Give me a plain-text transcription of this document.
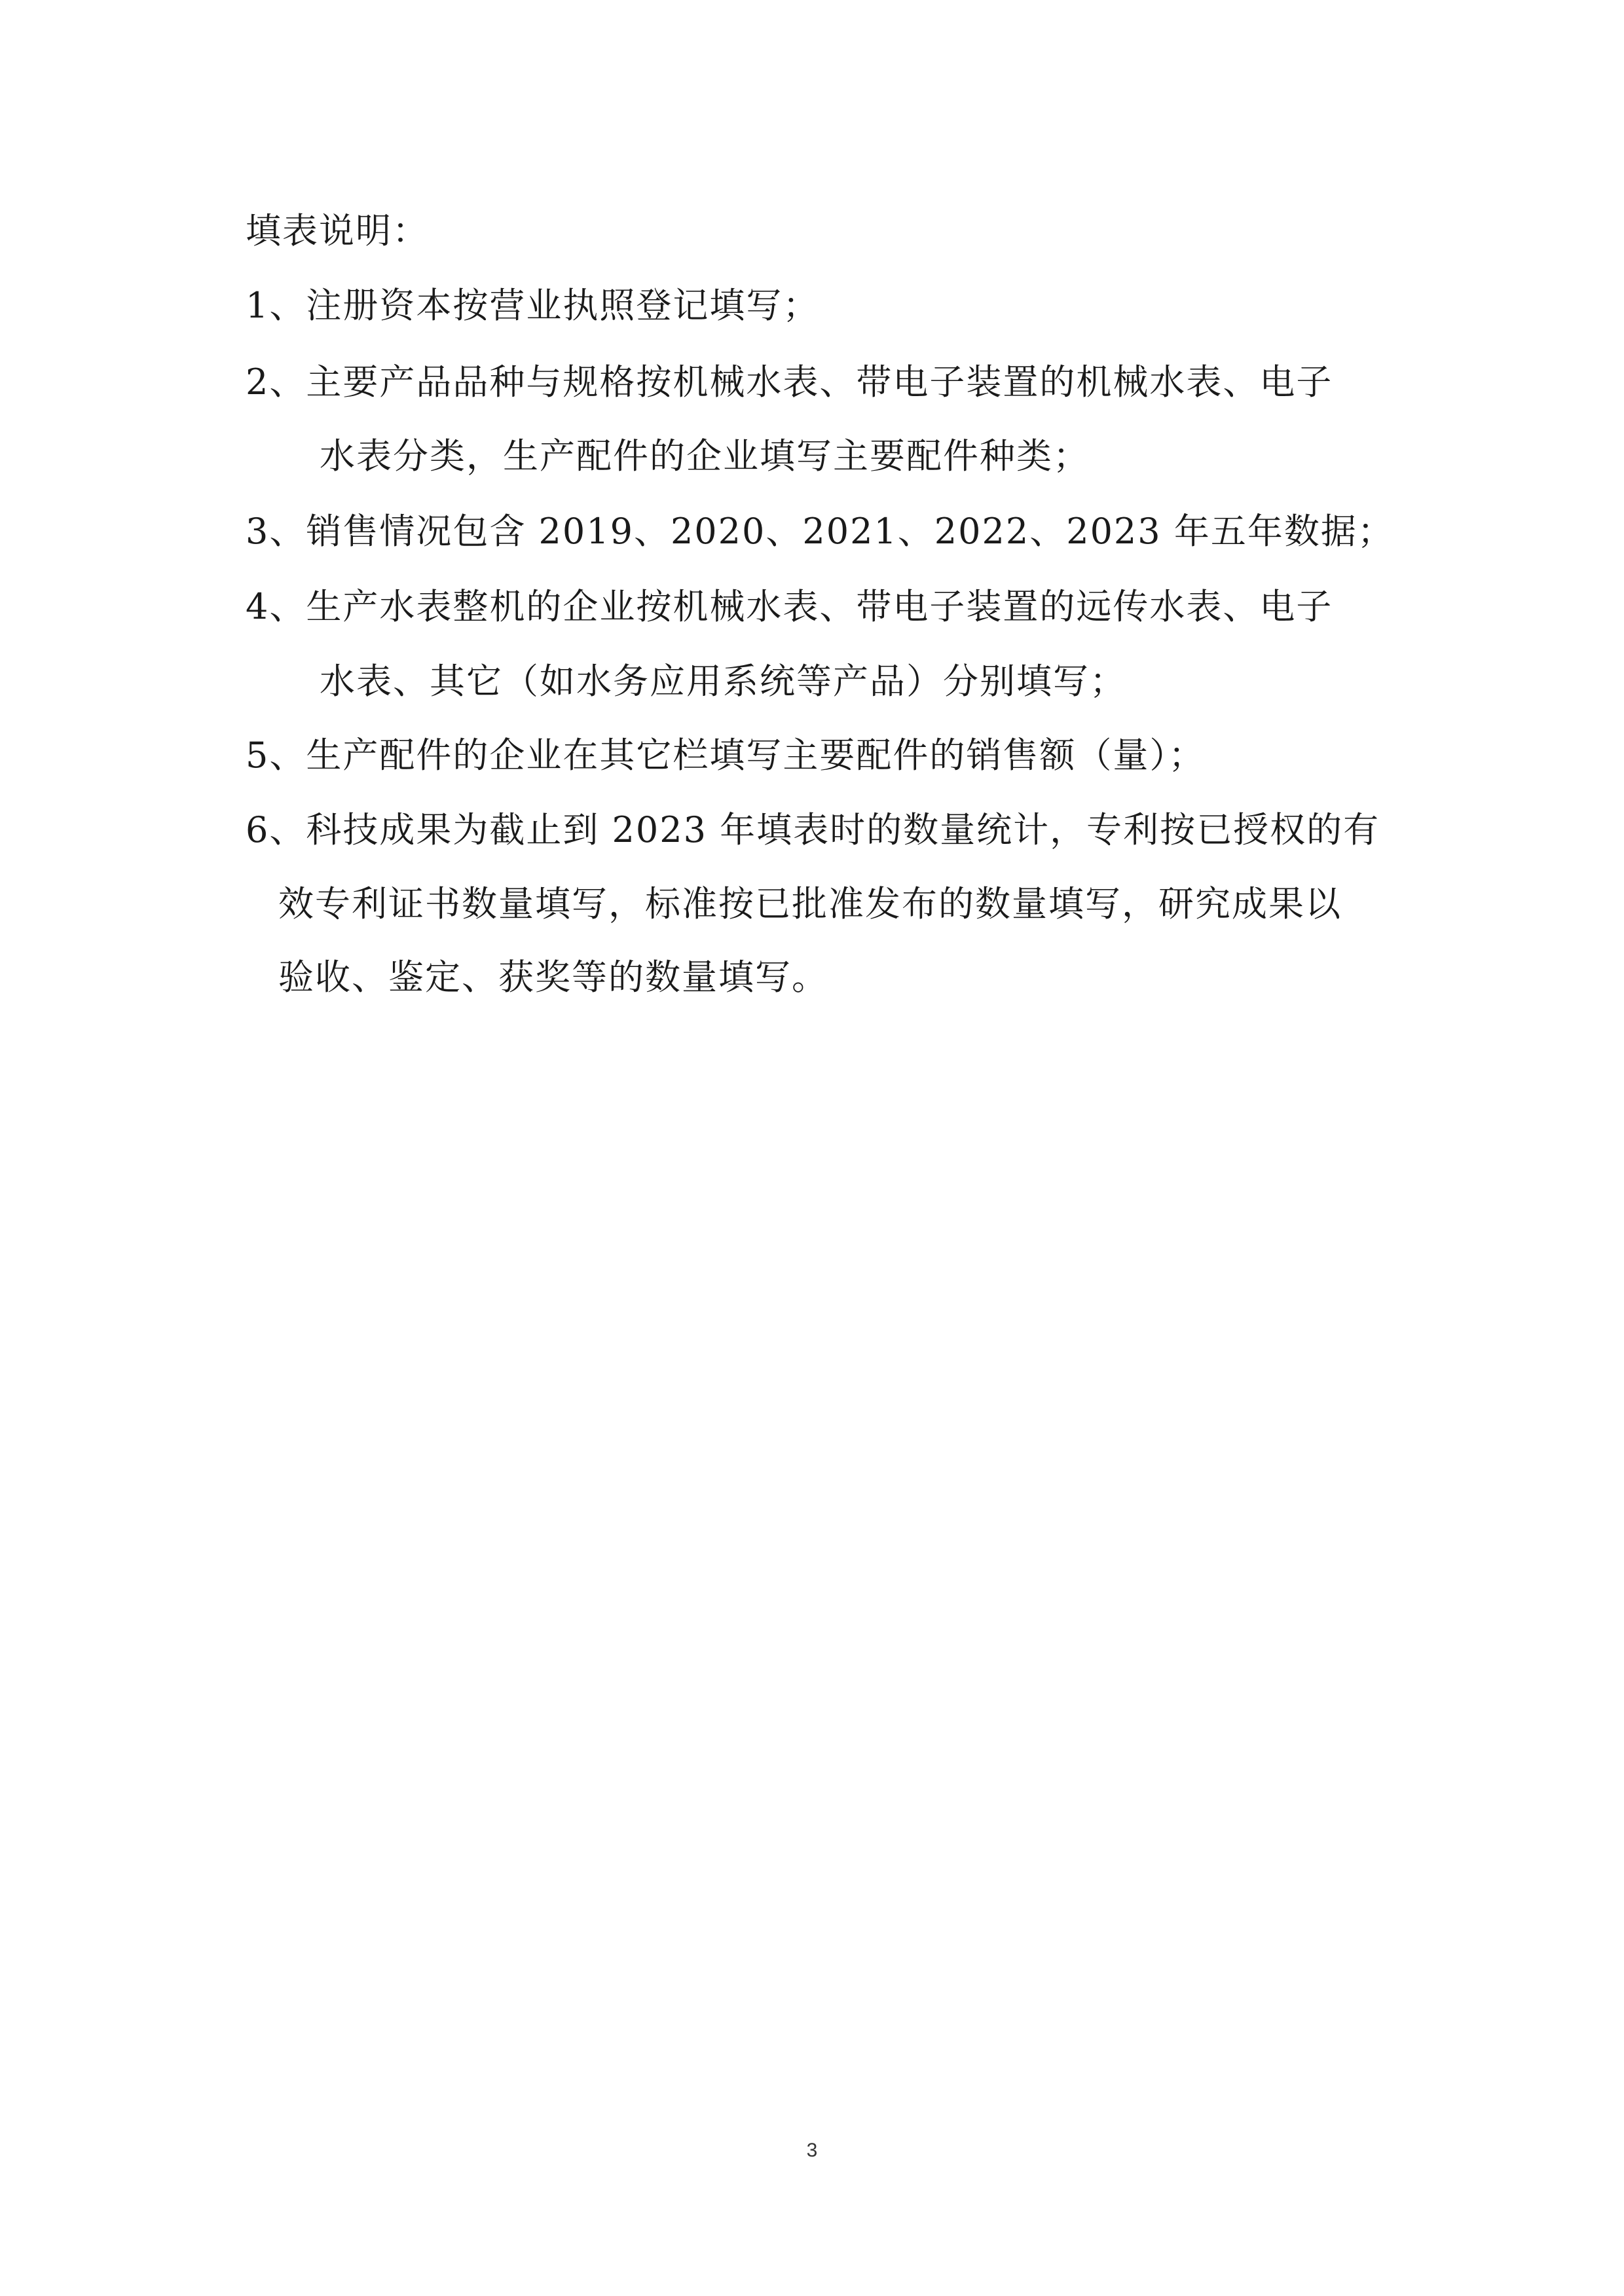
填表说明：
1、注册资本按营业执照登记填写；
2、主要产品品种与规格按机械水表、带电子装置的机械水表、电子
水表分类，生产配件的企业填写主要配件种类；
3、销售情况包含 2019、2020、2021、2022、2023 年五年数据；
4、生产水表整机的企业按机械水表、带电子装置的远传水表、电子
水表、其它（如水务应用系统等产品）分别填写；
5、生产配件的企业在其它栏填写主要配件的销售额（量）；
6、科技成果为截止到 2023 年填表时的数量统计，专利按已授权的有
效专利证书数量填写，标准按已批准发布的数量填写，研究成果以
验收、鉴定、获奖等的数量填写。
3
